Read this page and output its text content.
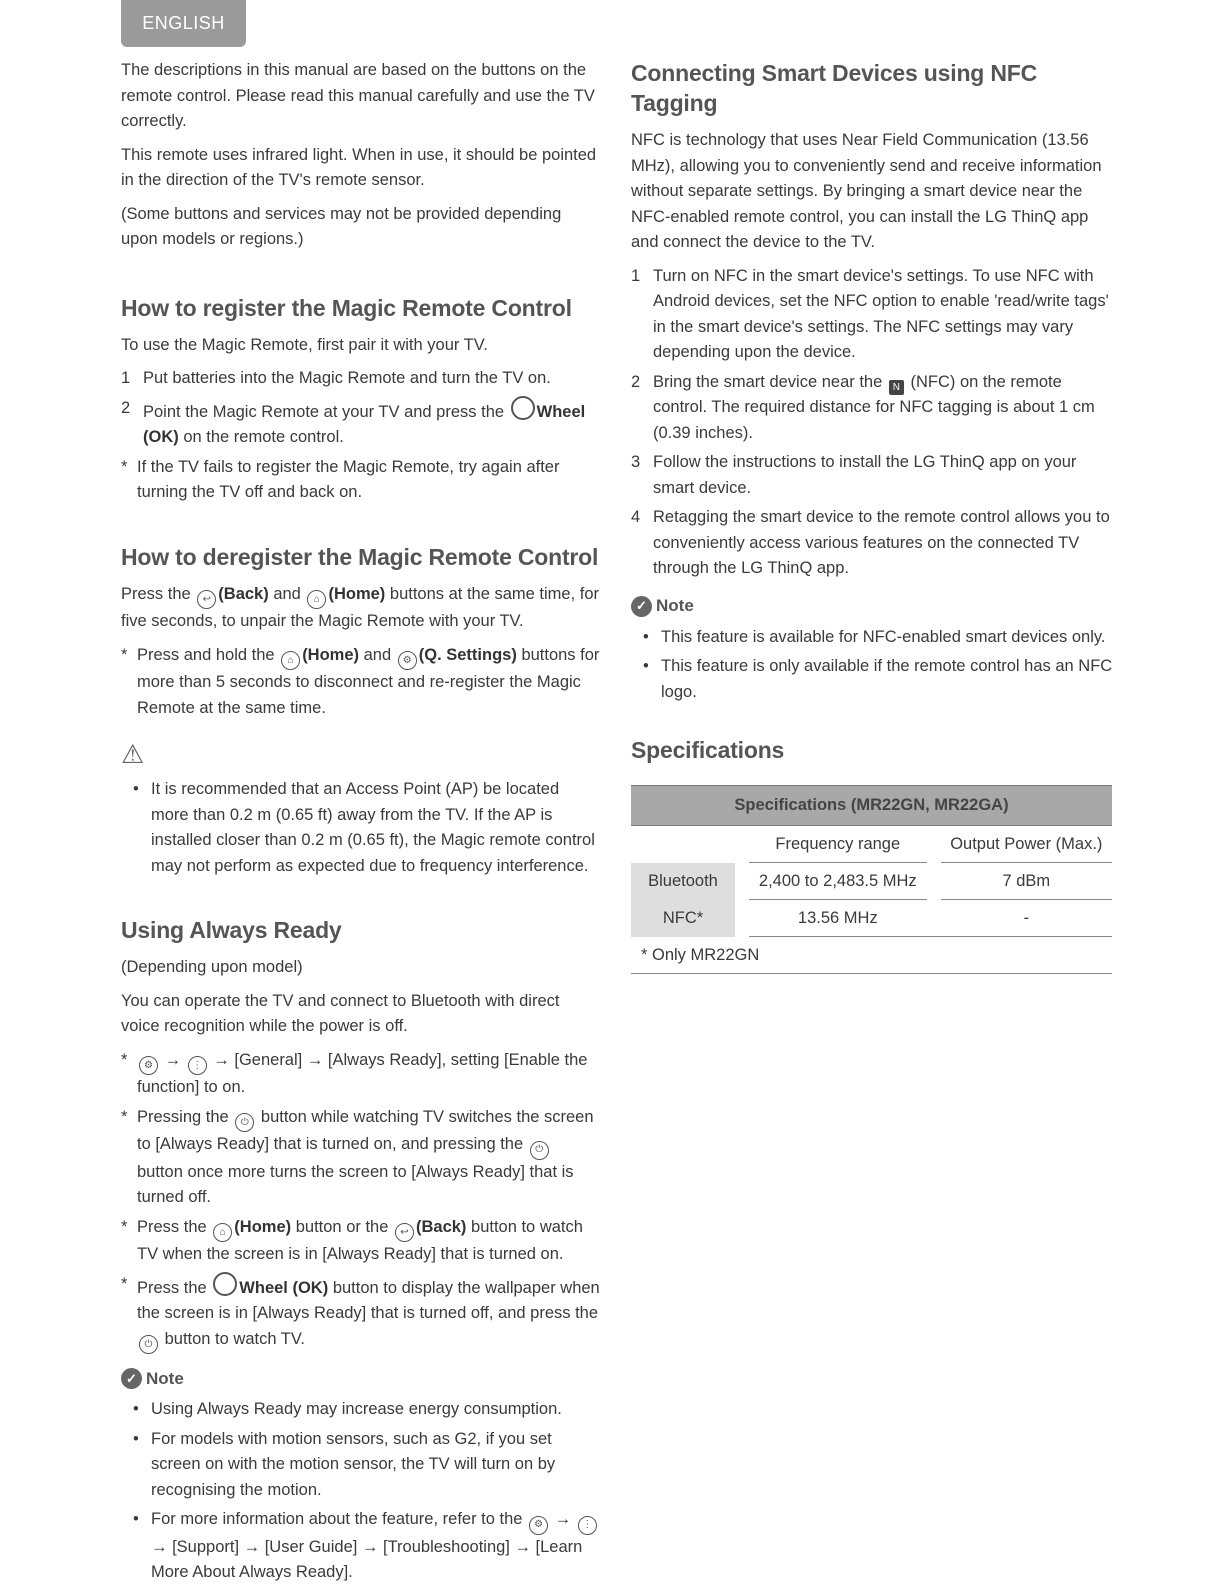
ENGLISH

The descriptions in this manual are based on the buttons on the remote control. Please read this manual carefully and use the TV correctly.

This remote uses infrared light. When in use, it should be pointed in the direction of the TV's remote sensor.

(Some buttons and services may not be provided depending upon models or regions.)

How to register the Magic Remote Control

To use the Magic Remote, first pair it with your TV.

1 Put batteries into the Magic Remote and turn the TV on.
2 Point the Magic Remote at your TV and press the Wheel (OK) on the remote control.
* If the TV fails to register the Magic Remote, try again after turning the TV off and back on.
How to deregister the Magic Remote Control

Press the ↩ (Back) and ⌂ (Home) buttons at the same time, for five seconds, to unpair the Magic Remote with your TV.

* Press and hold the ⌂ (Home) and ⚙ (Q. Settings) buttons for more than 5 seconds to disconnect and re-register the Magic Remote at the same time.
⚠
• It is recommended that an Access Point (AP) be located more than 0.2 m (0.65 ft) away from the TV. If the AP is installed closer than 0.2 m (0.65 ft), the Magic remote control may not perform as expected due to frequency interference.
Using Always Ready

(Depending upon model)

You can operate the TV and connect to Bluetooth with direct voice recognition while the power is off.

* ⚙ → ⋮ → [General] → [Always Ready], setting [Enable the function] to on.
* Pressing the ⏻ button while watching TV switches the screen to [Always Ready] that is turned on, and pressing the ⏻ button once more turns the screen to [Always Ready] that is turned off.
* Press the ⌂ (Home) button or the ↩ (Back) button to watch TV when the screen is in [Always Ready] that is turned on.
* Press the Wheel (OK) button to display the wallpaper when the screen is in [Always Ready] that is turned off, and press the ⏻ button to watch TV.
✓ Note
• Using Always Ready may increase energy consumption.
• For models with motion sensors, such as G2, if you set screen on with the motion sensor, the TV will turn on by recognising the motion.
• For more information about the feature, refer to the ⚙ → ⋮ → [Support] → [User Guide] → [Troubleshooting] → [Learn More About Always Ready].
Connecting Smart Devices using NFC Tagging

NFC is technology that uses Near Field Communication (13.56 MHz), allowing you to conveniently send and receive information without separate settings. By bringing a smart device near the NFC-enabled remote control, you can install the LG ThinQ app and connect the device to the TV.

1 Turn on NFC in the smart device's settings. To use NFC with Android devices, set the NFC option to enable 'read/write tags' in the smart device's settings. The NFC settings may vary depending upon the device.
2 Bring the smart device near the N (NFC) on the remote control. The required distance for NFC tagging is about 1 cm (0.39 inches).
3 Follow the instructions to install the LG ThinQ app on your smart device.
4 Retagging the smart device to the remote control allows you to conveniently access various features on the connected TV through the LG ThinQ app.
✓ Note
• This feature is available for NFC-enabled smart devices only.
• This feature is only available if the remote control has an NFC logo.
Specifications
Specifications (MR22GN, MR22GA)				
		Frequency range		Output Power (Max.)
Bluetooth		2,400 to 2,483.5 MHz		7 dBm
NFC*		13.56 MHz		-
* Only MR22GN				
